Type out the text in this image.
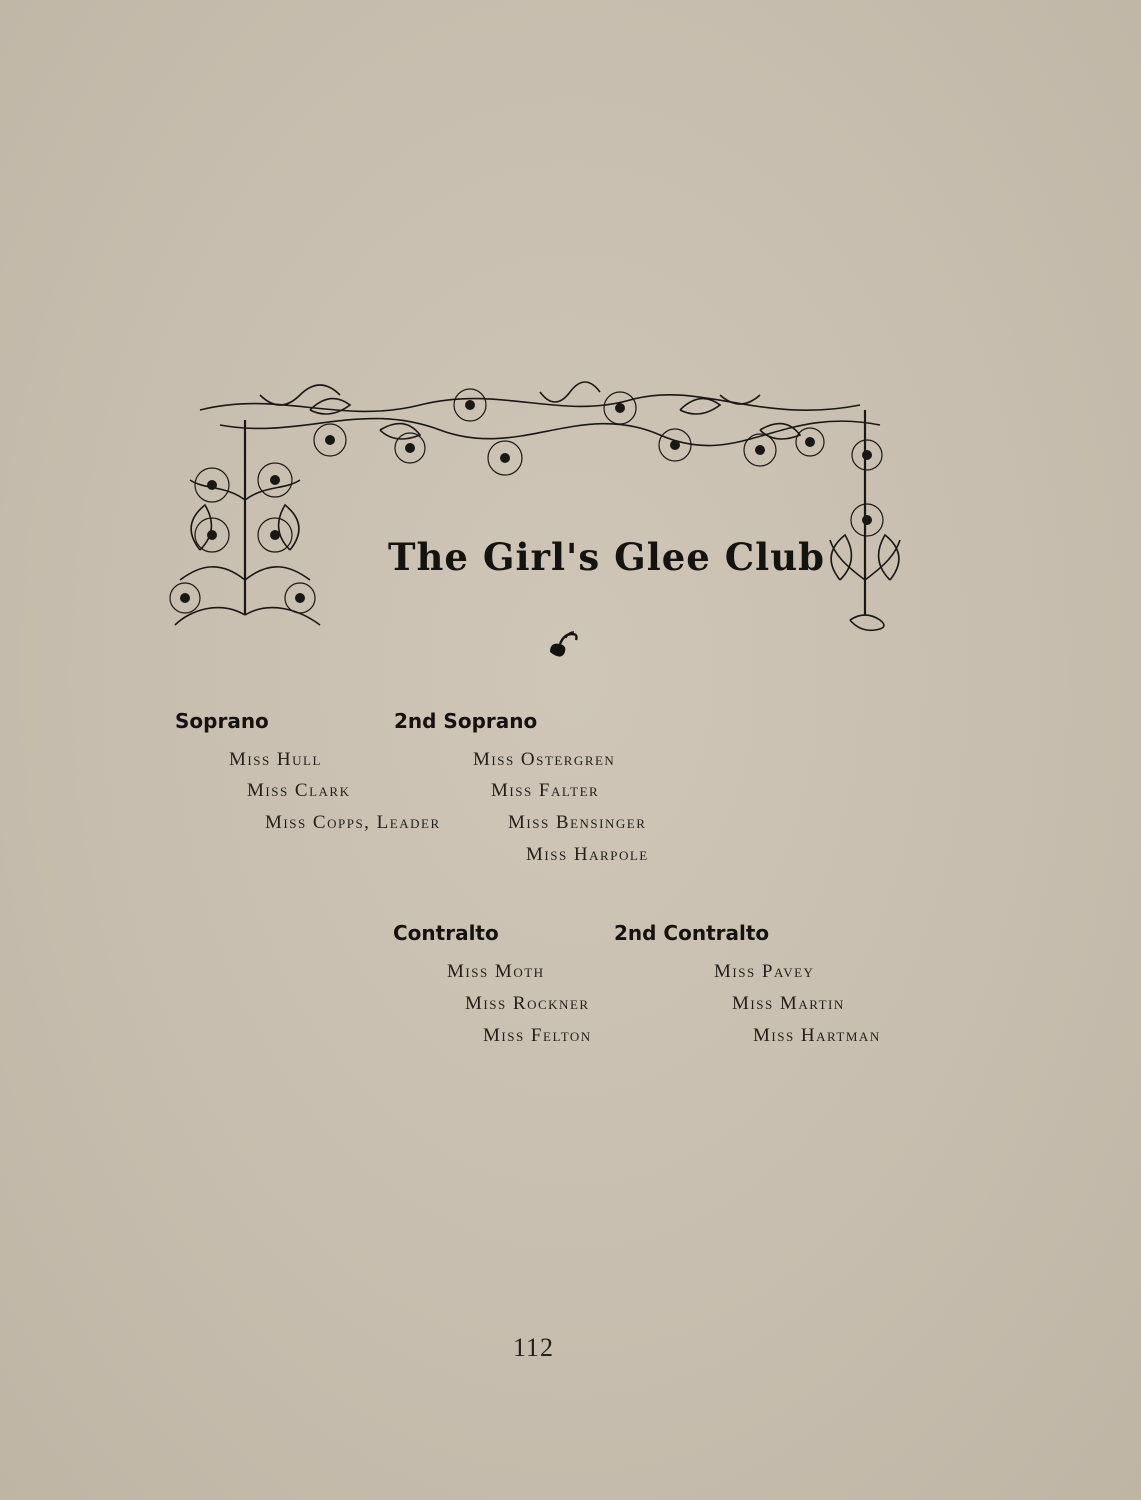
The Girl's Glee Club
Soprano
Miss Hull
Miss Clark
Miss Copps, Leader
2nd Soprano
Miss Ostergren
Miss Falter
Miss Bensinger
Miss Harpole
Contralto
Miss Moth
Miss Rockner
Miss Felton
2nd Contralto
Miss Pavey
Miss Martin
Miss Hartman
112
